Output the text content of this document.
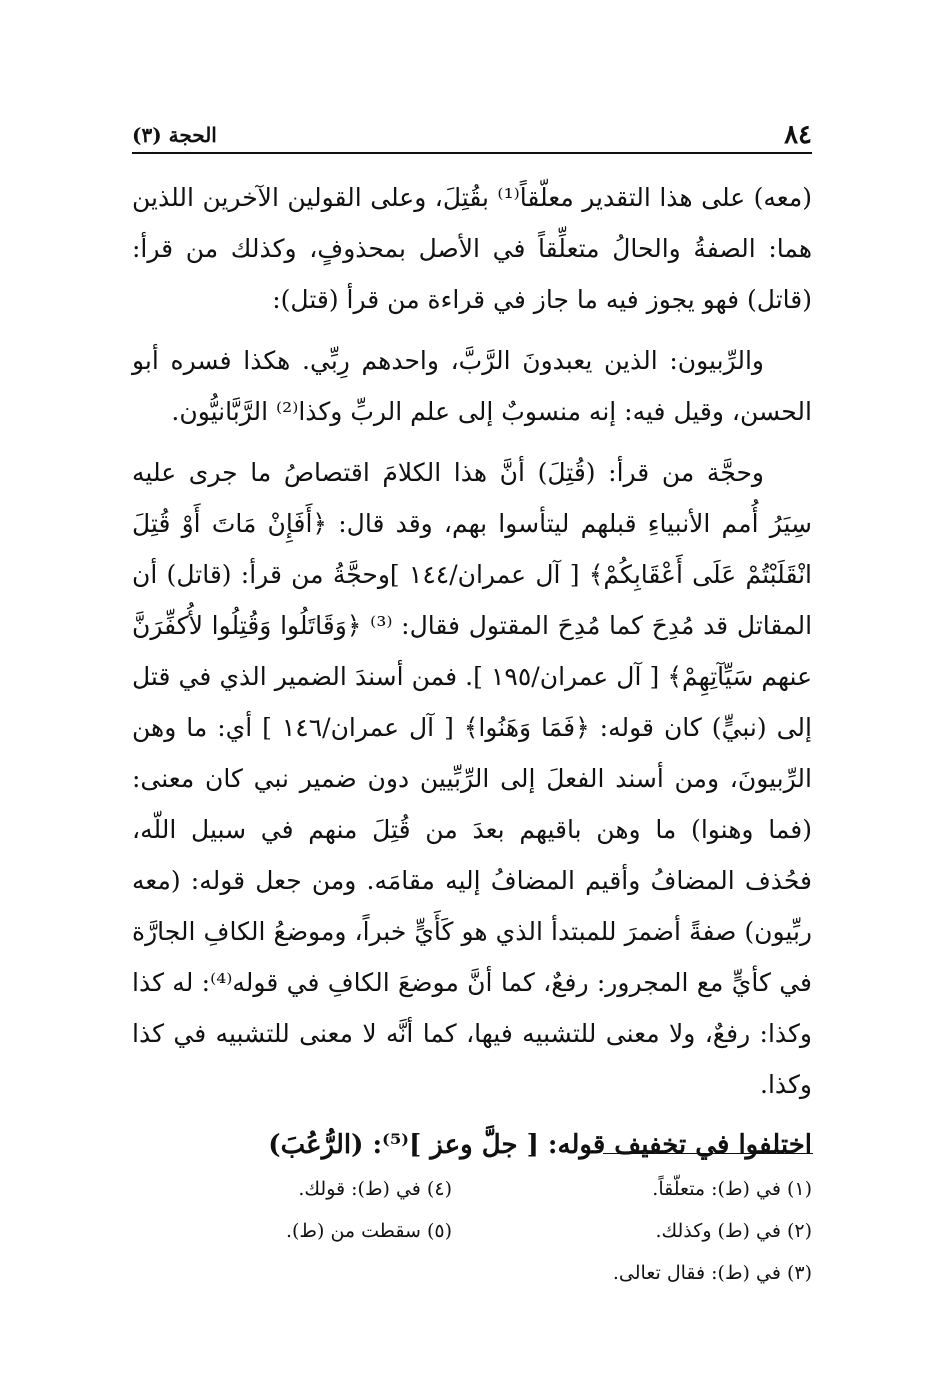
٨٤
الحجة (٣)

(معه) على هذا التقدير معلّقاً⁽¹⁾ بقُتِلَ، وعلى القولين الآخرين اللذين هما: الصفةُ والحالُ متعلِّقاً في الأصل بمحذوفٍ، وكذلك من قرأ: (قاتل) فهو يجوز فيه ما جاز في قراءة من قرأ (قتل):

والرِّبيون: الذين يعبدونَ الرَّبَّ، واحدهم رِبِّي. هكذا فسره أبو الحسن، وقيل فيه: إنه منسوبٌ إلى علم الربِّ وكذا⁽²⁾ الرَّبَّانيُّون.

وحجَّة من قرأ: (قُتِلَ) أنَّ هذا الكلامَ اقتصاصُ ما جرى عليه سِيَرُ أُمم الأنبياءِ قبلهم ليتأسوا بهم، وقد قال: ﴿أَفَإِنْ مَاتَ أَوْ قُتِلَ انْقَلَبْتُمْ عَلَى أَعْقَابِكُمْ﴾ [ آل عمران/١٤٤ ]وحجَّةُ من قرأ: (قاتل) أن المقاتل قد مُدِحَ كما مُدِحَ المقتول فقال: ⁽³⁾ ﴿وَقَاتَلُوا وَقُتِلُوا لأُكفِّرَنَّ عنهم سَيِّآتِهِمْ﴾ [ آل عمران/١٩٥ ]. فمن أسندَ الضمير الذي في قتل إلى (نبيٍّ) كان قوله: ﴿فَمَا وَهَنُوا﴾ [ آل عمران/١٤٦ ] أي: ما وهن الرِّبيونَ، ومن أسند الفعلَ إلى الرِّبِّيين دون ضمير نبي كان معنى: (فما وهنوا) ما وهن باقيهم بعدَ من قُتِلَ منهم في سبيل اللّه، فحُذف المضافُ وأقيم المضافُ إليه مقامَه. ومن جعل قوله: (معه ربِّيون) صفةً أضمرَ للمبتدأ الذي هو كَأَيٍّ خبراً، وموضعُ الكافِ الجارَّة في كأيٍّ مع المجرور: رفعٌ، كما أنَّ موضعَ الكافِ في قوله⁽⁴⁾: له كذا وكذا: رفعٌ، ولا معنى للتشبيه فيها، كما أنَّه لا معنى للتشبيه في كذا وكذا.

اختلفوا في تخفيف قوله: [ جلَّ وعز ]⁽⁵⁾: (الرُّعُبَ)

(١) في (ط): متعلّقاً.
(٢) في (ط) وكذلك.
(٣) في (ط): فقال تعالى.
(٤) في (ط): قولك.
(٥) سقطت من (ط).
